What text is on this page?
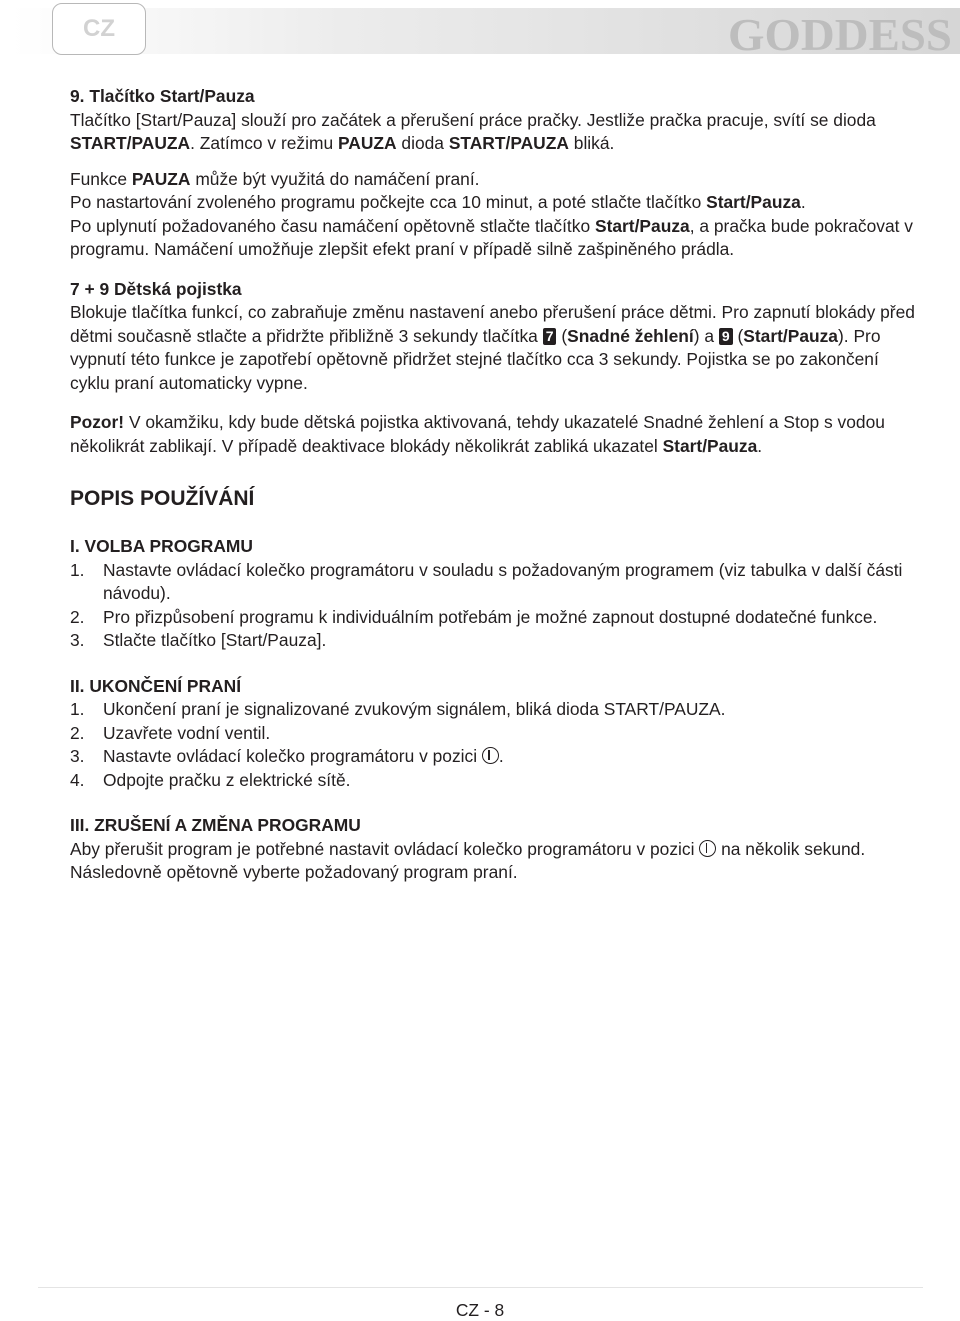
CZ	GODDESS

9. Tlačítko Start/Pauza

Tlačítko [Start/Pauza] slouží pro začátek a přerušení práce pračky. Jestliže pračka pracuje, svítí se dioda START/PAUZA. Zatímco v režimu PAUZA dioda START/PAUZA bliká.

Funkce PAUZA může být využitá do namáčení praní.

Po nastartování zvoleného programu počkejte cca 10 minut, a poté stlačte tlačítko Start/Pauza.

Po uplynutí požadovaného času namáčení opětovně stlačte tlačítko Start/Pauza, a pračka bude pokračovat v programu. Namáčení umožňuje zlepšit efekt praní v případě silně zašpiněného prádla.

7 + 9 Dětská pojistka

Blokuje tlačítka funkcí, co zabraňuje změnu nastavení anebo přerušení práce dětmi. Pro zapnutí blokády před dětmi současně stlačte a přidržte přibližně 3 sekundy tlačítka 7 (Snadné žehlení) a 9 (Start/Pauza). Pro vypnutí této funkce je zapotřebí opětovně přidržet stejné tlačítko cca 3 sekundy. Pojistka se po zakončení cyklu praní automaticky vypne.

Pozor! V okamžiku, kdy bude dětská pojistka aktivovaná, tehdy ukazatelé Snadné žehlení a Stop s vodou několikrát zablikají. V případě deaktivace blokády několikrát zabliká ukazatel Start/Pauza.

POPIS POUŽÍVÁNÍ

I. VOLBA PROGRAMU

1. Nastavte ovládací kolečko programátoru v souladu s požadovaným programem (viz tabulka v další části návodu).
2. Pro přizpůsobení programu k individuálním potřebám je možné zapnout dostupné dodatečné funkce.
3. Stlačte tlačítko [Start/Pauza].

II. UKONČENÍ PRANÍ

1. Ukončení praní je signalizované zvukovým signálem, bliká dioda START/PAUZA.
2. Uzavřete vodní ventil.
3. Nastavte ovládací kolečko programátoru v pozici .
4. Odpojte pračku z elektrické sítě.

III. ZRUŠENÍ A ZMĚNA PROGRAMU

Aby přerušit program je potřebné nastavit ovládací kolečko programátoru v pozici  na několik sekund. Následovně opětovně vyberte požadovaný program praní.

CZ - 8
